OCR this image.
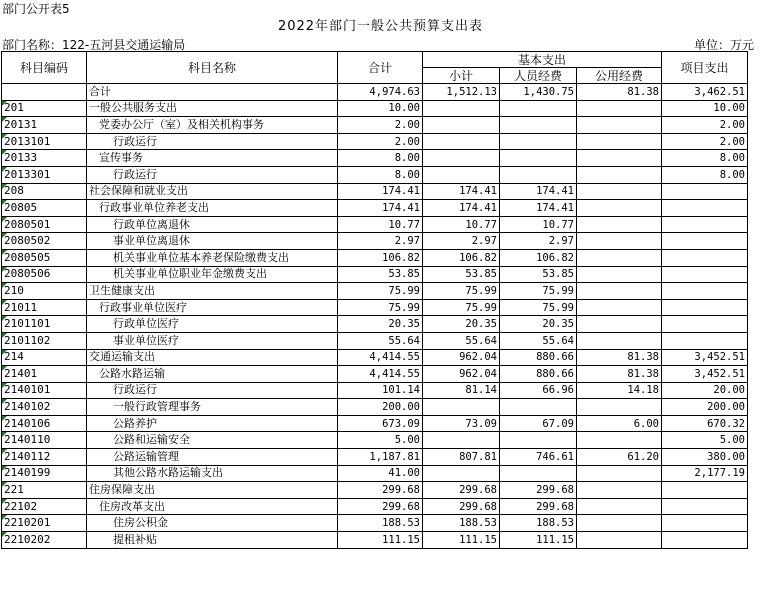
部门公开表5
2022年部门一般公共预算支出表
部门名称：122-五河县交通运输局	单位：万元
科目编码	科目名称	合计	基本支出			项目支出
			小计	人员经费	公用经费	
	合计	4,974.63	1,512.13	1,430.75	81.38	3,462.51

201	一般公共服务支出	10.00				10.00

20131	党委办公厅（室）及相关机构事务	2.00				2.00

2013101	行政运行	2.00				2.00

20133	宣传事务	8.00				8.00

2013301	行政运行	8.00				8.00

208	社会保障和就业支出	174.41	174.41	174.41		

20805	行政事业单位养老支出	174.41	174.41	174.41		

2080501	行政单位离退休	10.77	10.77	10.77		

2080502	事业单位离退休	2.97	2.97	2.97		

2080505	机关事业单位基本养老保险缴费支出	106.82	106.82	106.82		

2080506	机关事业单位职业年金缴费支出	53.85	53.85	53.85		

210	卫生健康支出	75.99	75.99	75.99		

21011	行政事业单位医疗	75.99	75.99	75.99		

2101101	行政单位医疗	20.35	20.35	20.35		

2101102	事业单位医疗	55.64	55.64	55.64		

214	交通运输支出	4,414.55	962.04	880.66	81.38	3,452.51

21401	公路水路运输	4,414.55	962.04	880.66	81.38	3,452.51

2140101	行政运行	101.14	81.14	66.96	14.18	20.00

2140102	一般行政管理事务	200.00				200.00

2140106	公路养护	673.09	73.09	67.09	6.00	670.32

2140110	公路和运输安全	5.00				5.00

2140112	公路运输管理	1,187.81	807.81	746.61	61.20	380.00

2140199	其他公路水路运输支出	41.00				2,177.19

221	住房保障支出	299.68	299.68	299.68		

22102	住房改革支出	299.68	299.68	299.68		

2210201	住房公积金	188.53	188.53	188.53		

2210202	提租补贴	111.15	111.15	111.15		
